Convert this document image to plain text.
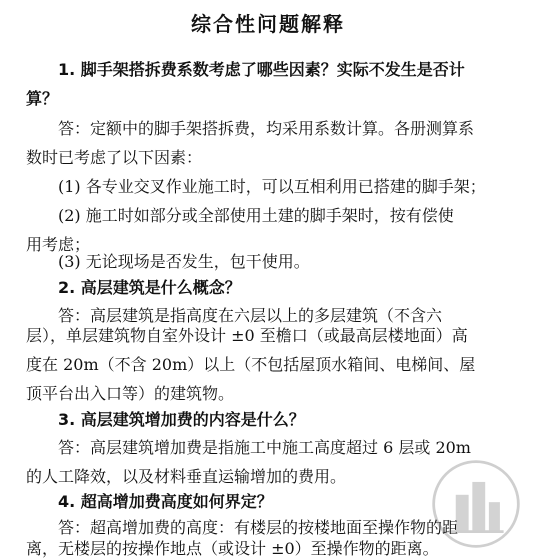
综合性问题解释
1. 脚手架搭拆费系数考虑了哪些因素？实际不发生是否计
算？
答：定额中的脚手架搭拆费，均采用系数计算。各册测算系
数时已考虑了以下因素：
(1) 各专业交叉作业施工时，可以互相利用已搭建的脚手架；
(2) 施工时如部分或全部使用土建的脚手架时，按有偿使
用考虑；
(3) 无论现场是否发生，包干使用。
2. 高层建筑是什么概念？
答：高层建筑是指高度在六层以上的多层建筑（不含六
层），单层建筑物自室外设计 ±0 至檐口（或最高层楼地面）高
度在 20m（不含 20m）以上（不包括屋顶水箱间、电梯间、屋
顶平台出入口等）的建筑物。
3. 高层建筑增加费的内容是什么？
答：高层建筑增加费是指施工中施工高度超过 6 层或 20m
的人工降效，以及材料垂直运输增加的费用。
4. 超高增加费高度如何界定？
答：超高增加费的高度：有楼层的按楼地面至操作物的距
离，无楼层的按操作地点（或设计 ±0）至操作物的距离。
